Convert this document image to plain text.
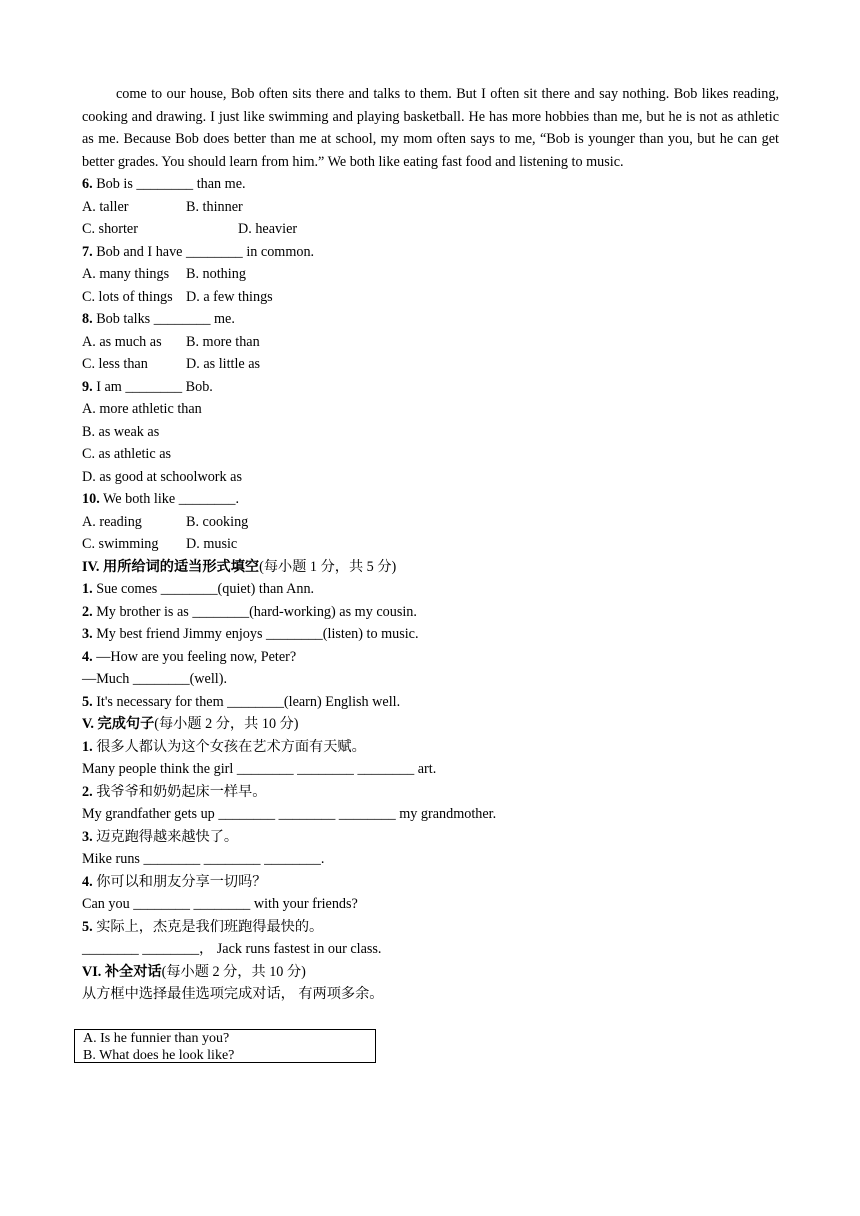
come to our house, Bob often sits there and talks to them. But I often sit there and say nothing. Bob likes reading, cooking and drawing. I just like swimming and playing basketball. He has more hobbies than me, but he is not as athletic as me. Because Bob does better than me at school, my mom often says to me, “Bob is younger than you, but he can get better grades. You should learn from him.” We both like eating fast food and listening to music.

6. Bob is ________ than me.
A. taller	B. thinner
C. shorter	D. heavier
7. Bob and I have ________ in common.
A. many things B. nothing
C. lots of things D. a few things
8. Bob talks ________ me.
A. as much as B. more than
C. less than	D. as little as
9. I am ________ Bob.
A. more athletic than
B. as weak as
C. as athletic as
D. as good at schoolwork as
10. We both like ________.
A. reading	B. cooking
C. swimming D. music
IV. 用所给词的适当形式填空(每小题 1 分，共 5 分)
1. Sue comes ________(quiet) than Ann.
2. My brother is as ________(hard-working) as my cousin.
3. My best friend Jimmy enjoys ________(listen) to music.
4. —How are you feeling now, Peter?
—Much ________(well).
5. It's necessary for them ________(learn) English well.
V. 完成句子(每小题 2 分，共 10 分)
1. 很多人都认为这个女孩在艺术方面有天赋。
Many people think the girl ________ ________ ________ art.
2. 我爷爷和奶奶起床一样早。
My grandfather gets up ________ ________ ________ my grandmother.
3. 迈克跑得越来越快了。
Mike runs ________ ________ ________.
4. 你可以和朋友分享一切吗？
Can you ________ ________ with your friends?
5. 实际上，杰克是我们班跑得最快的。
________ ________， Jack runs fastest in our class.
VI. 补全对话(每小题 2 分，共 10 分)
从方框中选择最佳选项完成对话， 有两项多余。
A. Is he funnier than you?
B. What does he look like?
